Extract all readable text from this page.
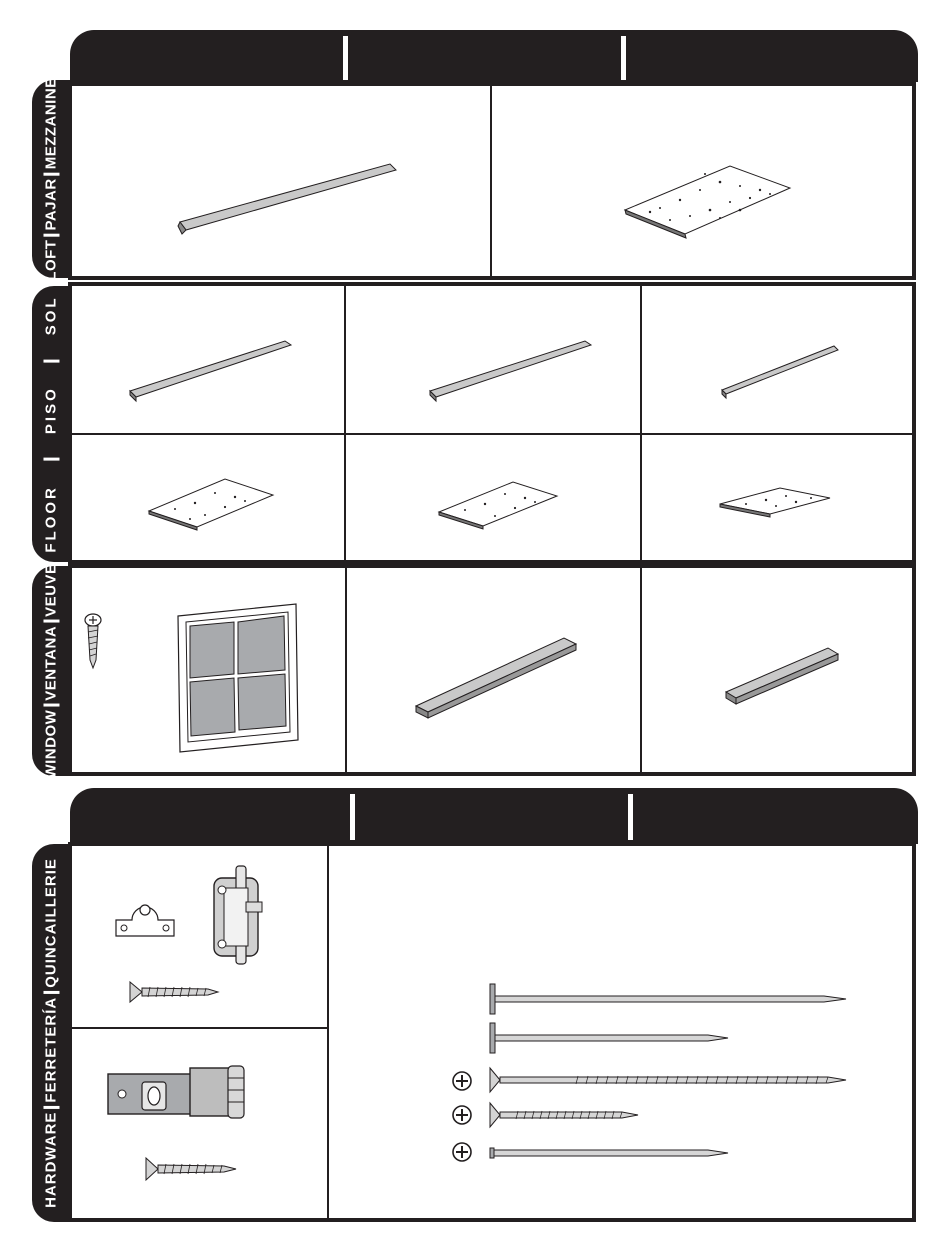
LOFTPAJARMEZZANINE
FLOORPISOSOL
WINDOWVENTANAVEUVE
HARDWAREFERRETERÍAQUINCAILLERIE
